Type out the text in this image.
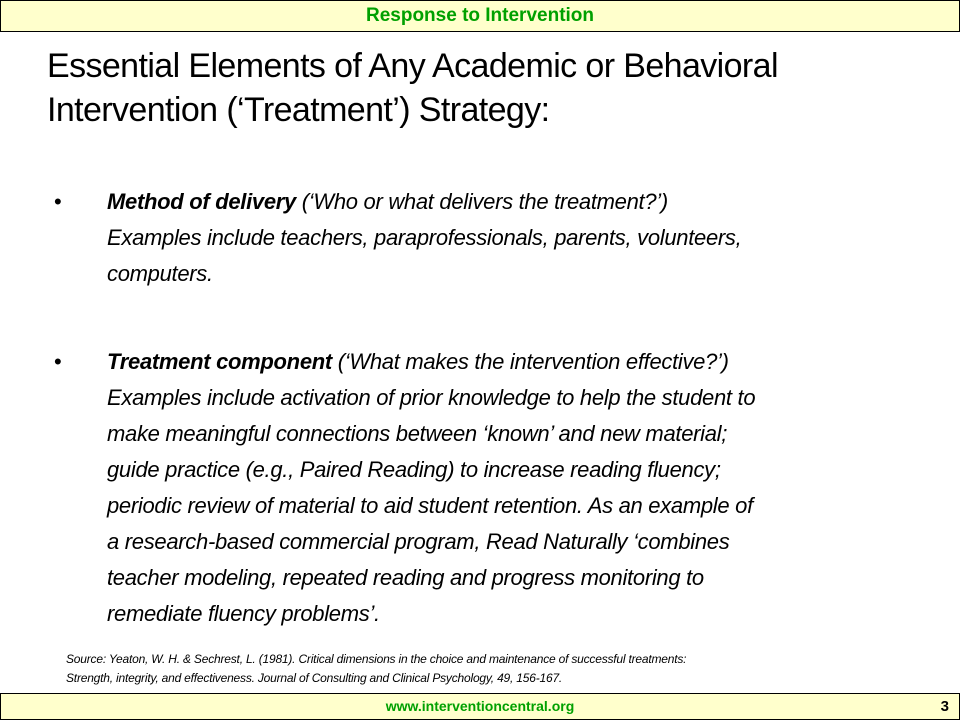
Response to Intervention
Essential Elements of Any Academic or Behavioral
Intervention (‘Treatment’) Strategy:
• Method of delivery (‘Who or what delivers the treatment?’)
Examples include teachers, paraprofessionals, parents, volunteers,
computers.
• Treatment component (‘What makes the intervention effective?’)
Examples include activation of prior knowledge to help the student to
make meaningful connections between ‘known’ and new material;
guide practice (e.g., Paired Reading) to increase reading fluency;
periodic review of material to aid student retention. As an example of
a research-based commercial program, Read Naturally ‘combines
teacher modeling, repeated reading and progress monitoring to
remediate fluency problems’.
Source: Yeaton, W. H. & Sechrest, L. (1981). Critical dimensions in the choice and maintenance of successful treatments:
Strength, integrity, and effectiveness. Journal of Consulting and Clinical Psychology, 49, 156-167.
www.interventioncentral.org	3
